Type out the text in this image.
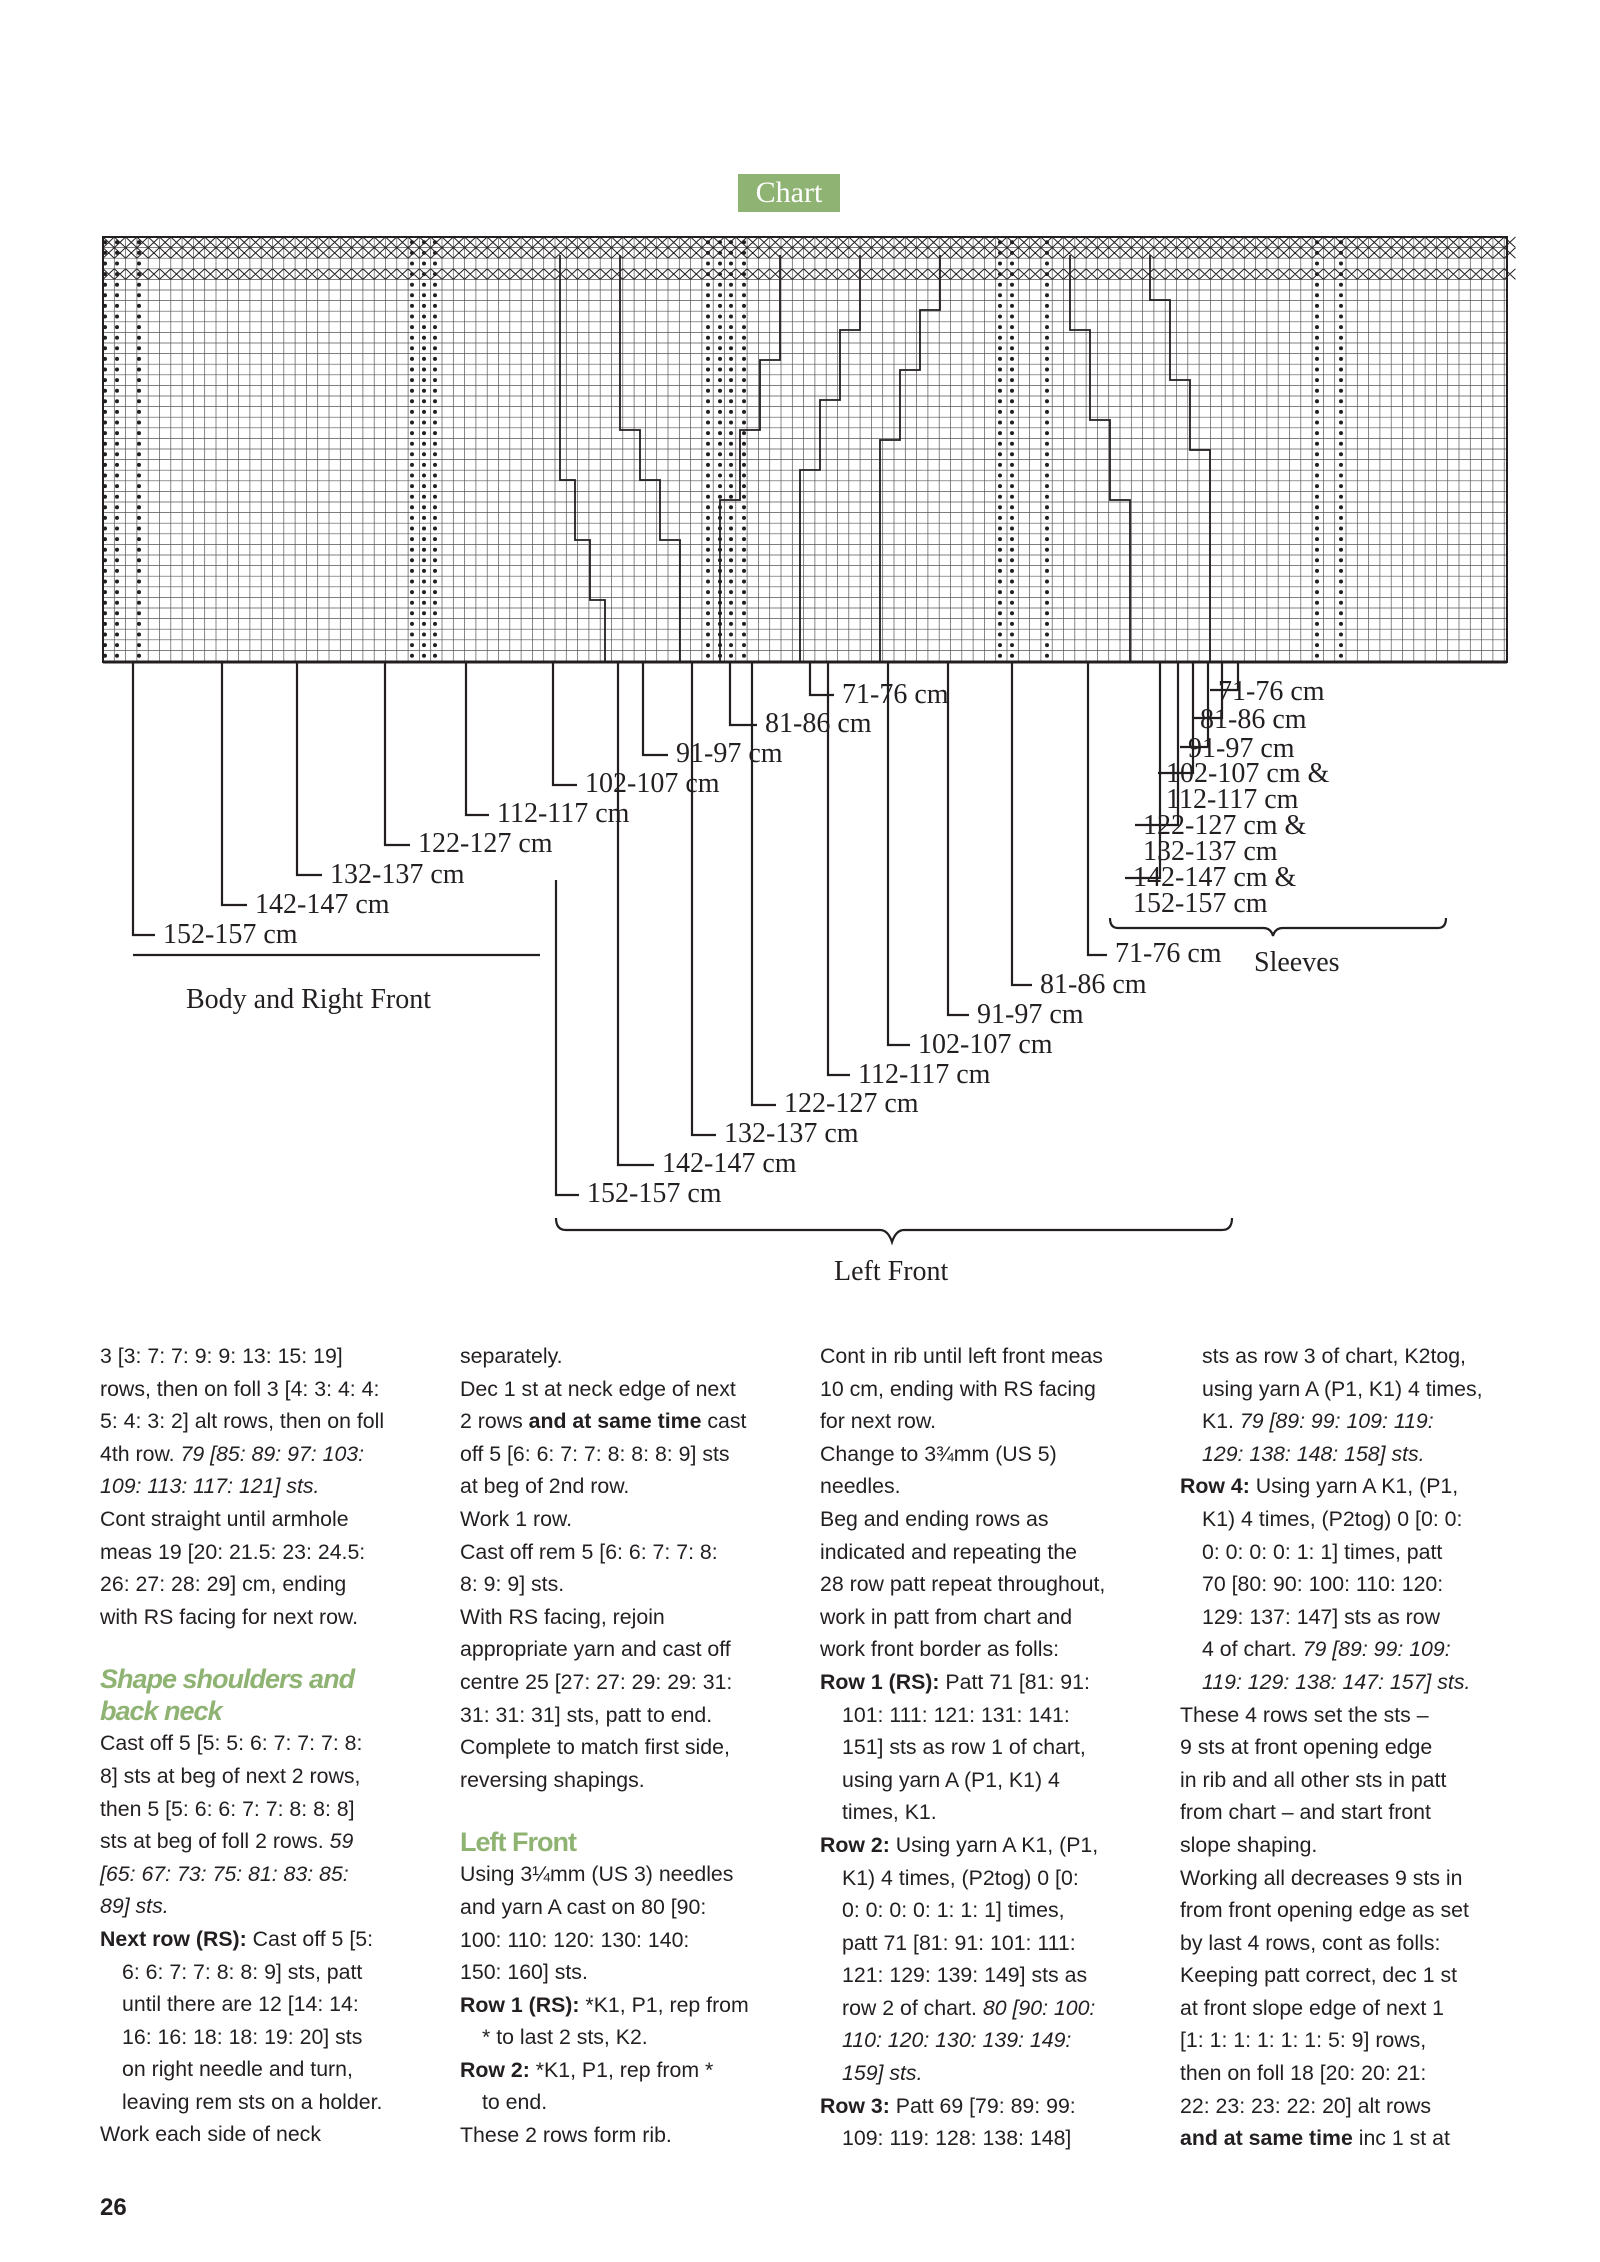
Chart
152-157 cm
142-147 cm
132-137 cm
122-127 cm
112-117 cm
102-107 cm
91-97 cm
81-86 cm
71-76 cm
Body and Right Front
71-76 cm
81-86 cm
91-97 cm
102-107 cm &
112-117 cm
122-127 cm &
132-137 cm
142-147 cm &
152-157 cm
Sleeves
71-76 cm
81-86 cm
91-97 cm
102-107 cm
112-117 cm
122-127 cm
132-137 cm
142-147 cm
152-157 cm
Left Front

3 [3: 7: 7: 9: 9: 13: 15: 19]

rows, then on foll 3 [4: 3: 4: 4:

5: 4: 3: 2] alt rows, then on foll

4th row. 79 [85: 89: 97: 103:

109: 113: 117: 121] sts.

Cont straight until armhole

meas 19 [20: 21.5: 23: 24.5:

26: 27: 28: 29] cm, ending

with RS facing for next row.

Shape shoulders and
back neck

Cast off 5 [5: 5: 6: 7: 7: 7: 8:

8] sts at beg of next 2 rows,

then 5 [5: 6: 6: 7: 7: 8: 8: 8]

sts at beg of foll 2 rows. 59

[65: 67: 73: 75: 81: 83: 85:

89] sts.

Next row (RS): Cast off 5 [5:

6: 6: 7: 7: 8: 8: 9] sts, patt

until there are 12 [14: 14:

16: 16: 18: 18: 19: 20] sts

on right needle and turn,

leaving rem sts on a holder.

Work each side of neck

separately.

Dec 1 st at neck edge of next

2 rows and at same time cast

off 5 [6: 6: 7: 7: 8: 8: 8: 9] sts

at beg of 2nd row.

Work 1 row.

Cast off rem 5 [6: 6: 7: 7: 8:

8: 9: 9] sts.

With RS facing, rejoin

appropriate yarn and cast off

centre 25 [27: 27: 29: 29: 31:

31: 31: 31] sts, patt to end.

Complete to match first side,

reversing shapings.

Left Front

Using 3¼mm (US 3) needles

and yarn A cast on 80 [90:

100: 110: 120: 130: 140:

150: 160] sts.

Row 1 (RS): *K1, P1, rep from

* to last 2 sts, K2.

Row 2: *K1, P1, rep from *

to end.

These 2 rows form rib.

Cont in rib until left front meas

10 cm, ending with RS facing

for next row.

Change to 3¾mm (US 5)

needles.

Beg and ending rows as

indicated and repeating the

28 row patt repeat throughout,

work in patt from chart and

work front border as folls:

Row 1 (RS): Patt 71 [81: 91:

101: 111: 121: 131: 141:

151] sts as row 1 of chart,

using yarn A (P1, K1) 4

times, K1.

Row 2: Using yarn A K1, (P1,

K1) 4 times, (P2tog) 0 [0:

0: 0: 0: 0: 1: 1: 1] times,

patt 71 [81: 91: 101: 111:

121: 129: 139: 149] sts as

row 2 of chart. 80 [90: 100:

110: 120: 130: 139: 149:

159] sts.

Row 3: Patt 69 [79: 89: 99:

109: 119: 128: 138: 148]

sts as row 3 of chart, K2tog,

using yarn A (P1, K1) 4 times,

K1. 79 [89: 99: 109: 119:

129: 138: 148: 158] sts.

Row 4: Using yarn A K1, (P1,

K1) 4 times, (P2tog) 0 [0: 0:

0: 0: 0: 0: 1: 1] times, patt

70 [80: 90: 100: 110: 120:

129: 137: 147] sts as row

4 of chart. 79 [89: 99: 109:

119: 129: 138: 147: 157] sts.

These 4 rows set the sts –

9 sts at front opening edge

in rib and all other sts in patt

from chart – and start front

slope shaping.

Working all decreases 9 sts in

from front opening edge as set

by last 4 rows, cont as folls:

Keeping patt correct, dec 1 st

at front slope edge of next 1

[1: 1: 1: 1: 1: 1: 5: 9] rows,

then on foll 18 [20: 20: 21:

22: 23: 23: 22: 20] alt rows

and at same time inc 1 st at

26
